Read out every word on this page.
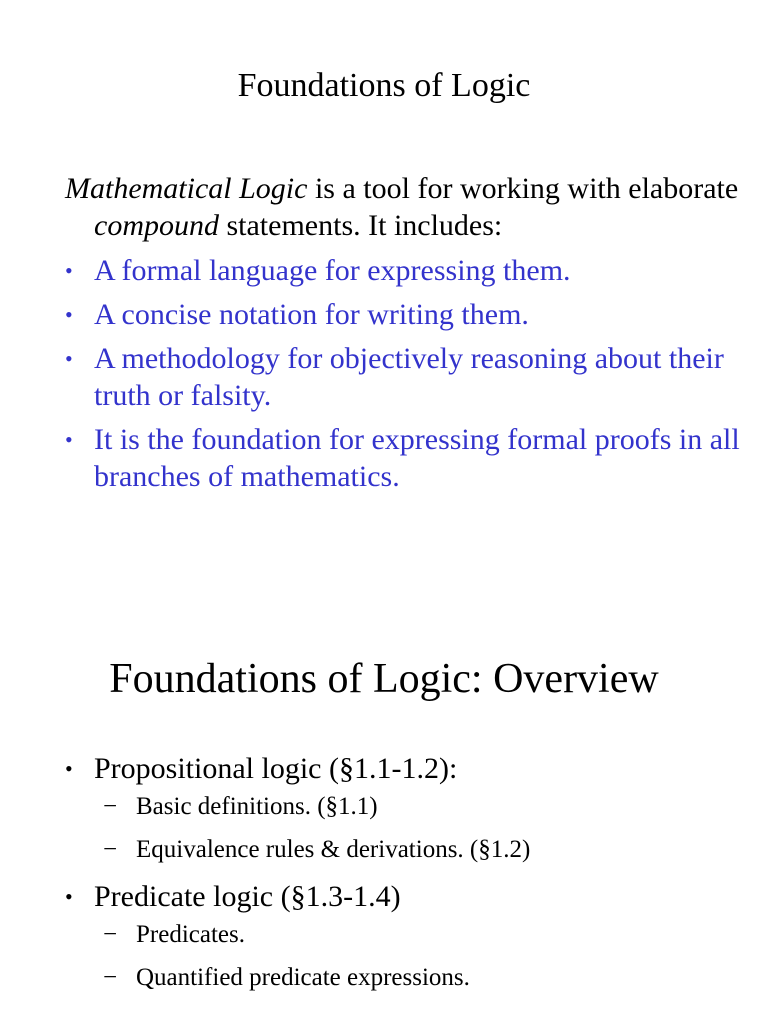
Foundations of Logic

Mathematical Logic is a tool for working with elaborate compound statements. It includes:

• A formal language for expressing them.
• A concise notation for writing them.
• A methodology for objectively reasoning about their truth or falsity.
• It is the foundation for expressing formal proofs in all branches of mathematics.
Foundations of Logic: Overview
• Propositional logic (§1.1-1.2):
− Basic definitions. (§1.1)
− Equivalence rules & derivations. (§1.2)
• Predicate logic (§1.3-1.4)
− Predicates.
− Quantified predicate expressions.
